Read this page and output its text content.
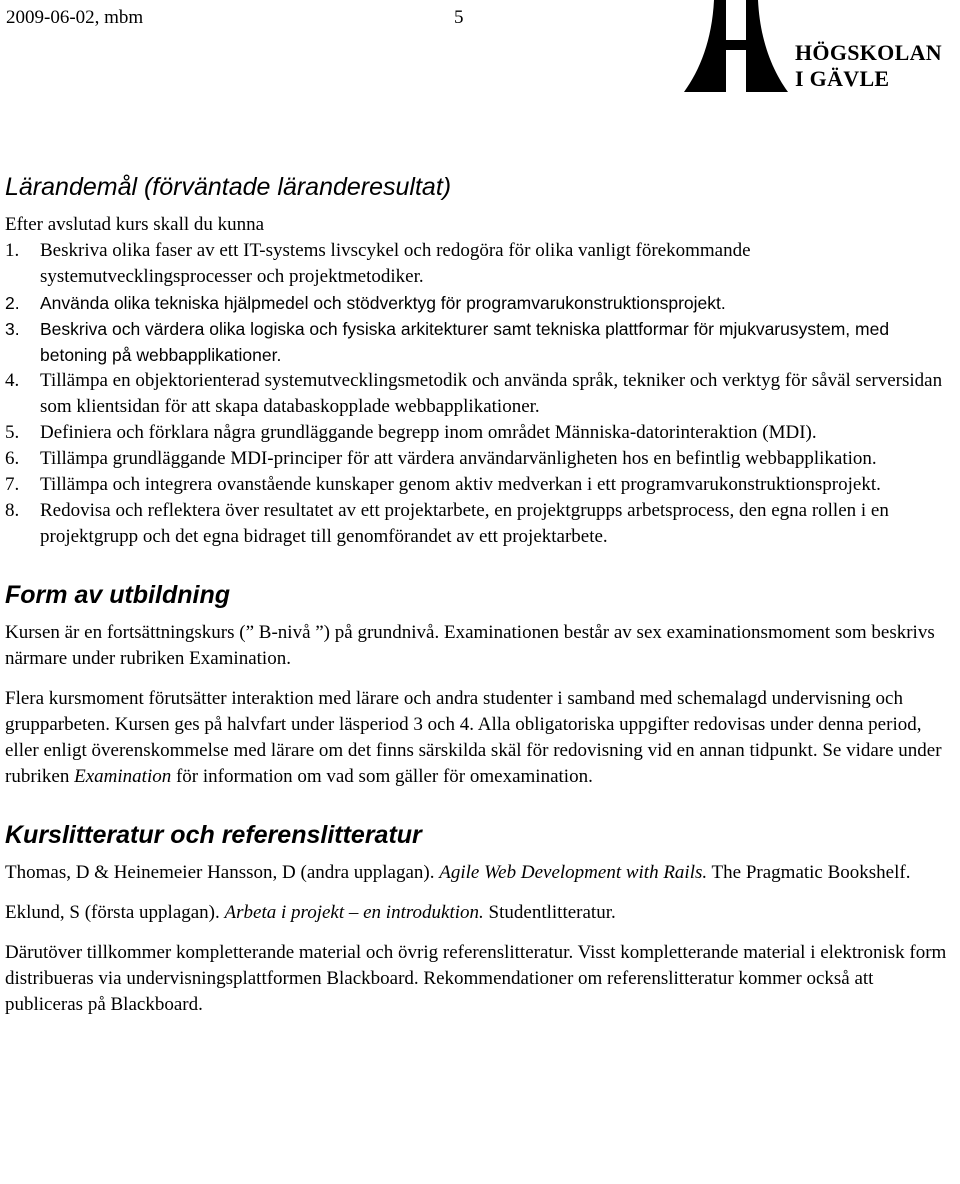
2009-06-02, mbm	5
HÖGSKOLAN
I GÄVLE
Lärandemål (förväntade läranderesultat)

Efter avslutad kurs skall du kunna

1. Beskriva olika faser av ett IT-systems livscykel och redogöra för olika vanligt förekommande systemutvecklingsprocesser och projektmetodiker.
2. Använda olika tekniska hjälpmedel och stödverktyg för programvarukonstruktionsprojekt.
3. Beskriva och värdera olika logiska och fysiska arkitekturer samt tekniska plattformar för mjukvarusystem, med betoning på webbapplikationer.
4. Tillämpa en objektorienterad systemutvecklingsmetodik och använda språk, tekniker och verktyg för såväl serversidan som klientsidan för att skapa databaskopplade webbapplikationer.
5. Definiera och förklara några grundläggande begrepp inom området Människa-datorinteraktion (MDI).
6. Tillämpa grundläggande MDI-principer för att värdera användarvänligheten hos en befintlig webbapplikation.
7. Tillämpa och integrera ovanstående kunskaper genom aktiv medverkan i ett programvarukonstruktionsprojekt.
8. Redovisa och reflektera över resultatet av ett projektarbete, en projektgrupps arbetsprocess, den egna rollen i en projektgrupp och det egna bidraget till genomförandet av ett projektarbete.
Form av utbildning

Kursen är en fortsättningskurs (” B-nivå ”) på grundnivå. Examinationen består av sex examinationsmoment som beskrivs närmare under rubriken Examination.

Flera kursmoment förutsätter interaktion med lärare och andra studenter i samband med schemalagd undervisning och grupparbeten. Kursen ges på halvfart under läsperiod 3 och 4. Alla obligatoriska uppgifter redovisas under denna period, eller enligt överenskommelse med lärare om det finns särskilda skäl för redovisning vid en annan tidpunkt. Se vidare under rubriken Examination för information om vad som gäller för omexamination.

Kurslitteratur och referenslitteratur

Thomas, D & Heinemeier Hansson, D (andra upplagan). Agile Web Development with Rails. The Pragmatic Bookshelf.

Eklund, S (första upplagan). Arbeta i projekt – en introduktion. Studentlitteratur.

Därutöver tillkommer kompletterande material och övrig referenslitteratur. Visst kompletterande material i elektronisk form distribueras via undervisningsplattformen Blackboard. Rekommendationer om referenslitteratur kommer också att publiceras på Blackboard.
